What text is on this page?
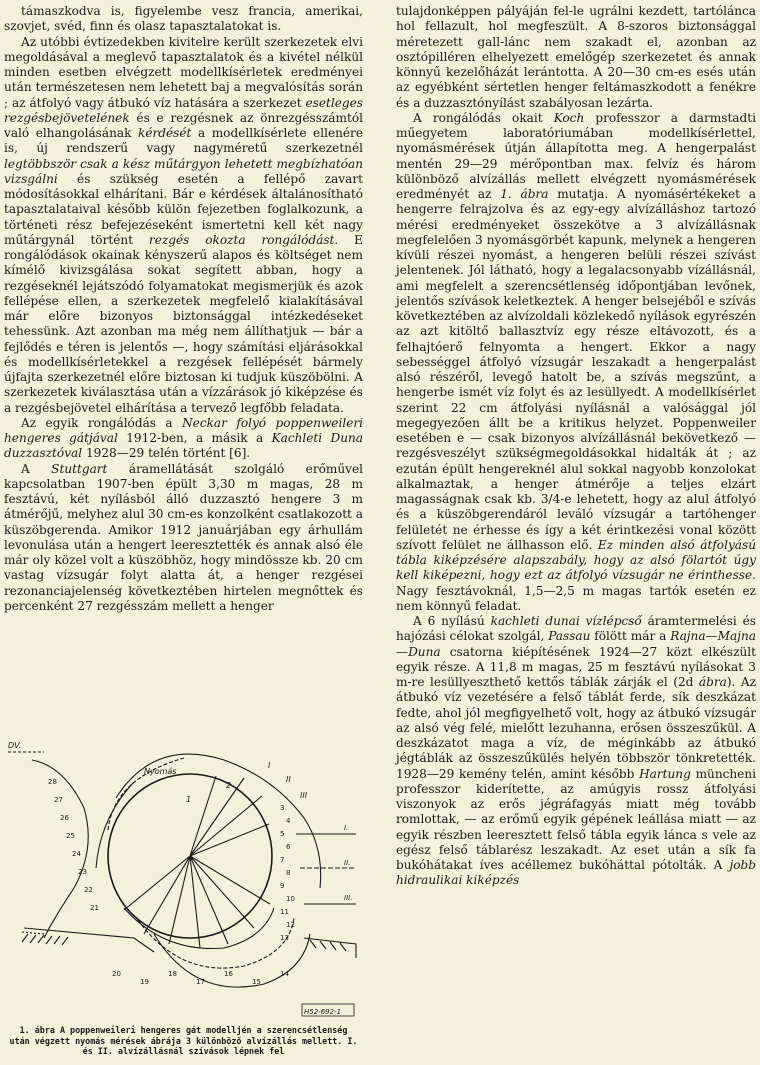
támaszkodva is, figyelembe vesz francia, amerikai, szovjet, svéd, finn és olasz tapasztalatokat is.

Az utóbbi évtizedekben kivitelre került szerkezetek elvi megoldásával a meglevő tapasztalatok és a kivétel nélkül minden esetben elvégzett modellkísérletek eredményei után természetesen nem lehetett baj a megvalósítás során ; az átfolyó vagy átbukó víz hatására a szerkezet esetleges rezgésbejövetelének és e rezgésnek az önrezgésszámtól való elhangolásának kérdését a modellkísérlete ellenére is, új rendszerű vagy nagyméretű szerkezetnél legtöbbször csak a kész műtárgyon lehetett megbízhatóan vizsgálni és szükség esetén a fellépő zavart módosításokkal elhárítani. Bár e kérdések általánosítható tapasztalataival később külön fejezetben foglalkozunk, a történeti rész befejezéseként ismertetni kell két nagy műtárgynál történt rezgés okozta rongálódást. E rongálódások okainak kényszerű alapos és költséget nem kímélő kivizsgálása sokat segített abban, hogy a rezgéseknél lejátszódó folyamatokat megismerjük és azok fellépése ellen, a szerkezetek megfelelő kialakításával már előre bizonyos biztonsággal intézkedéseket tehessünk. Azt azonban ma még nem állíthatjuk — bár a fejlődés e téren is jelentős —, hogy számítási eljárásokkal és modellkísérletekkel a rezgések fellépését bármely újfajta szerkezetnél előre biztosan ki tudjuk küszöbölni. A szerkezetek kiválasztása után a vízzárások jó kiképzése és a rezgésbejövetel elhárítása a tervező legfőbb feladata.

Az egyik rongálódás a Neckar folyó poppenweileri hengeres gátjával 1912-ben, a másik a Kachleti Duna duzzasztóval 1928—29 telén történt [6].

A Stuttgart áramellátását szolgáló erőművel kapcsolatban 1907-ben épült 3,30 m magas, 28 m fesztávú, két nyílásból álló duzzasztó hengere 3 m átmérőjű, melyhez alul 30 cm-es konzolként csatlakozott a küszöbgerenda. Amikor 1912 januárjában egy árhullám levonulása után a hengert leeresztették és annak alsó éle már oly közel volt a küszöbhöz, hogy mindössze kb. 20 cm vastag vízsugár folyt alatta át, a henger rezgései rezonanciajelenség következtében hirtelen megnőttek és percenként 27 rezgésszám mellett a henger

DV.
1
2
I
II
III
Nyomás
H52-692-1
28
27
26
25
24
23
22
21
3
4
5
6
7
8
9
10
11
12
13
20
19
18
17
16
15
14
I.
II.
III.
1. ábra A poppenweileri hengeres gát modelljén a szerencsétlenség után végzett nyomás mérések ábrája 3 különböző alvízállás mellett. I. és II. alvízállásnál szívások lépnek fel

tulajdonképpen pályáján fel-le ugrálni kezdett, tartólánca hol fellazult, hol megfeszült. A 8-szoros biztonsággal méretezett gall-lánc nem szakadt el, azonban az osztópilléren elhelyezett emelőgép szerkezetet és annak könnyű kezelőházát lerántotta. A 20—30 cm-es esés után az egyébként sértetlen henger feltámaszkodott a fenékre és a duzzasztónyílást szabályosan lezárta.

A rongálódás okait Koch professzor a darmstadti műegyetem laboratóriumában modellkísérlettel, nyomásmérések útján állapította meg. A hengerpalást mentén 29—29 mérőpontban max. felvíz és három különböző alvízállás mellett elvégzett nyomásmérések eredményét az 1. ábra mutatja. A nyomásértékeket a hengerre felrajzolva és az egy-egy alvízálláshoz tartozó mérési eredményeket összekötve a 3 alvízállásnak megfelelően 3 nyomásgörbét kapunk, melynek a hengeren kívüli részei nyomást, a hengeren belüli részei szívást jelentenek. Jól látható, hogy a legalacsonyabb vízállásnál, ami megfelelt a szerencsétlenség időpontjában levőnek, jelentős szívások keletkeztek. A henger belsejéből e szívás következtében az alvízoldali közlekedő nyílások egyrészén az azt kitöltő ballasztvíz egy része eltávozott, és a felhajtóerő felnyomta a hengert. Ekkor a nagy sebességgel átfolyó vízsugár leszakadt a hengerpalást alsó részéről, levegő hatolt be, a szívás megszűnt, a hengerbe ismét víz folyt és az lesüllyedt. A modellkísérlet szerint 22 cm átfolyási nyílásnál a valósággal jól megegyezően állt be a kritikus helyzet. Poppenweiler esetében e — csak bizonyos alvízállásnál bekövetkező — rezgésveszélyt szükségmegoldásokkal hidalták át ; az ezután épült hengereknél alul sokkal nagyobb konzolokat alkalmaztak, a henger átmérője a teljes elzárt magasságnak csak kb. 3/4-e lehetett, hogy az alul átfolyó és a küszöbgerendáról leváló vízsugár a tartóhenger felületét ne érhesse és így a két érintkezési vonal között szívott felület ne állhasson elő. Ez minden alsó átfolyású tábla kiképzésére alapszabály, hogy az alsó fölartót úgy kell kiképezni, hogy ezt az átfolyó vízsugár ne érinthesse. Nagy fesztávoknál, 1,5—2,5 m magas tartók esetén ez nem könnyű feladat.

A 6 nyílású kachleti dunai vízlépcső áramtermelési és hajózási célokat szolgál, Passau fölött már a Rajna—Majna—Duna csatorna kiépítésének 1924—27 közt elkészült egyik része. A 11,8 m magas, 25 m fesztávú nyílásokat 3 m-re lesüllyeszthető kettős táblák zárják el (2d ábra). Az átbukó víz vezetésére a felső táblát ferde, sík deszkázat fedte, ahol jól megfigyelhető volt, hogy az átbukó vízsugár az alsó vég felé, mielőtt lezuhanna, erősen összeszűkül. A deszkázatot maga a víz, de méginkább az átbukó jégtáblák az összeszűkülés helyén többször tönkretették. 1928—29 kemény telén, amint később Hartung müncheni professzor kiderítette, az amúgyis rossz átfolyási viszonyok az erős jégráfagyás miatt még tovább romlottak, — az erőmű egyik gépének leállása miatt — az egyik részben leeresztett felső tábla egyik lánca s vele az egész felső táblarész leszakadt. Az eset után a sík fa bukóhátakat íves acéllemez bukóháttal pótolták. A jobb hidraulikai kiképzés
